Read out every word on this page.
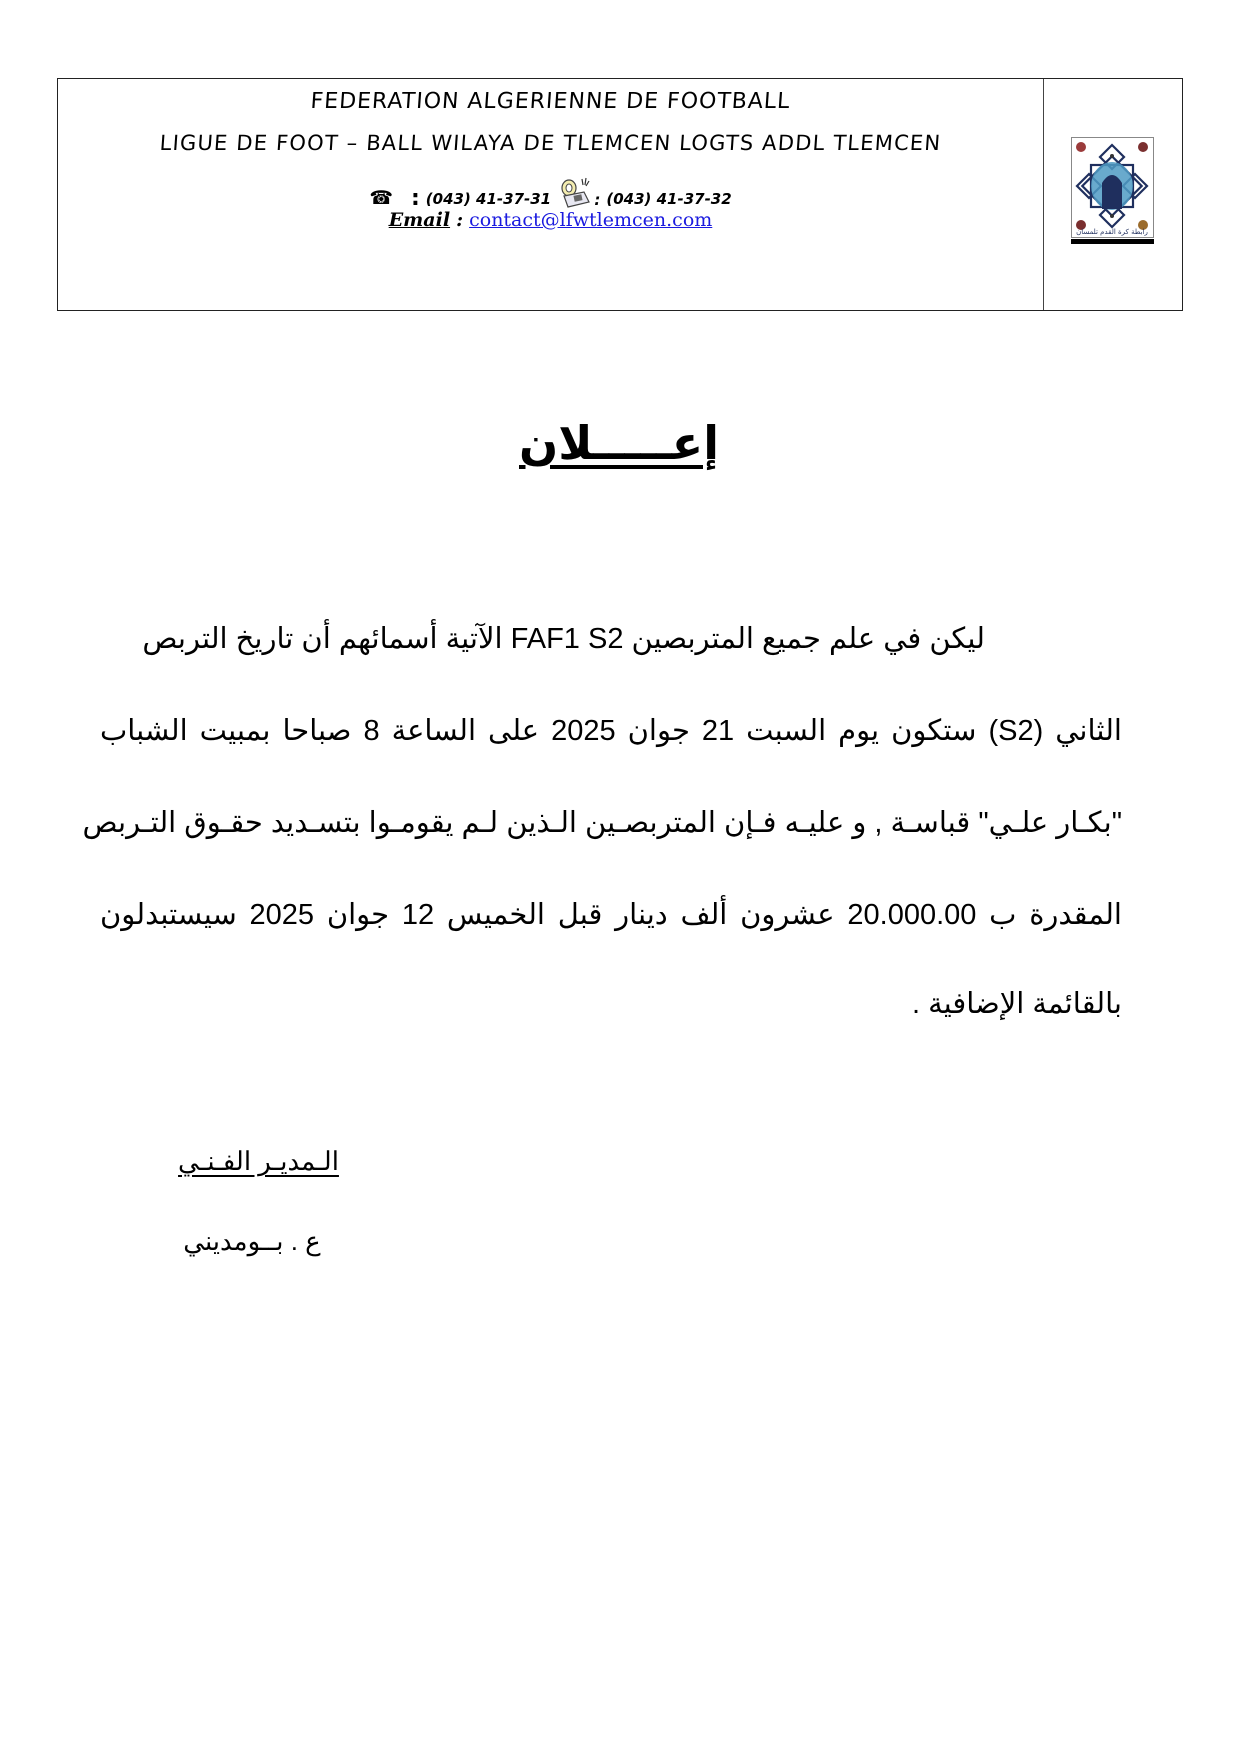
FEDERATION ALGERIENNE DE FOOTBALL
LIGUE DE FOOT – BALL WILAYA DE TLEMCEN LOGTS ADDL TLEMCEN
☎ : (043) 41-37-31	: (043) 41-37-32
Email : contact@lfwtlemcen.com
رابطة كرة القدم تلمسان
إعـــــلان
ليكن في علم جميع المتربصين FAF1 S2 الآتية أسمائهم أن تاريخ التربص
الثاني (S2) ستكون يوم السبت 21 جوان 2025 على الساعة 8 صباحا بمبيت الشباب
"بكـار علـي" قباسـة , و عليـه فـإن المتربصـين الـذين لـم يقومـوا بتسـديد حقـوق التـربص
المقدرة ب 20.000.00 عشرون ألف دينار قبل الخميس 12 جوان 2025 سيستبدلون
بالقائمة الإضافية .
الـمديـر الفـنـي
ع . بــومديني
